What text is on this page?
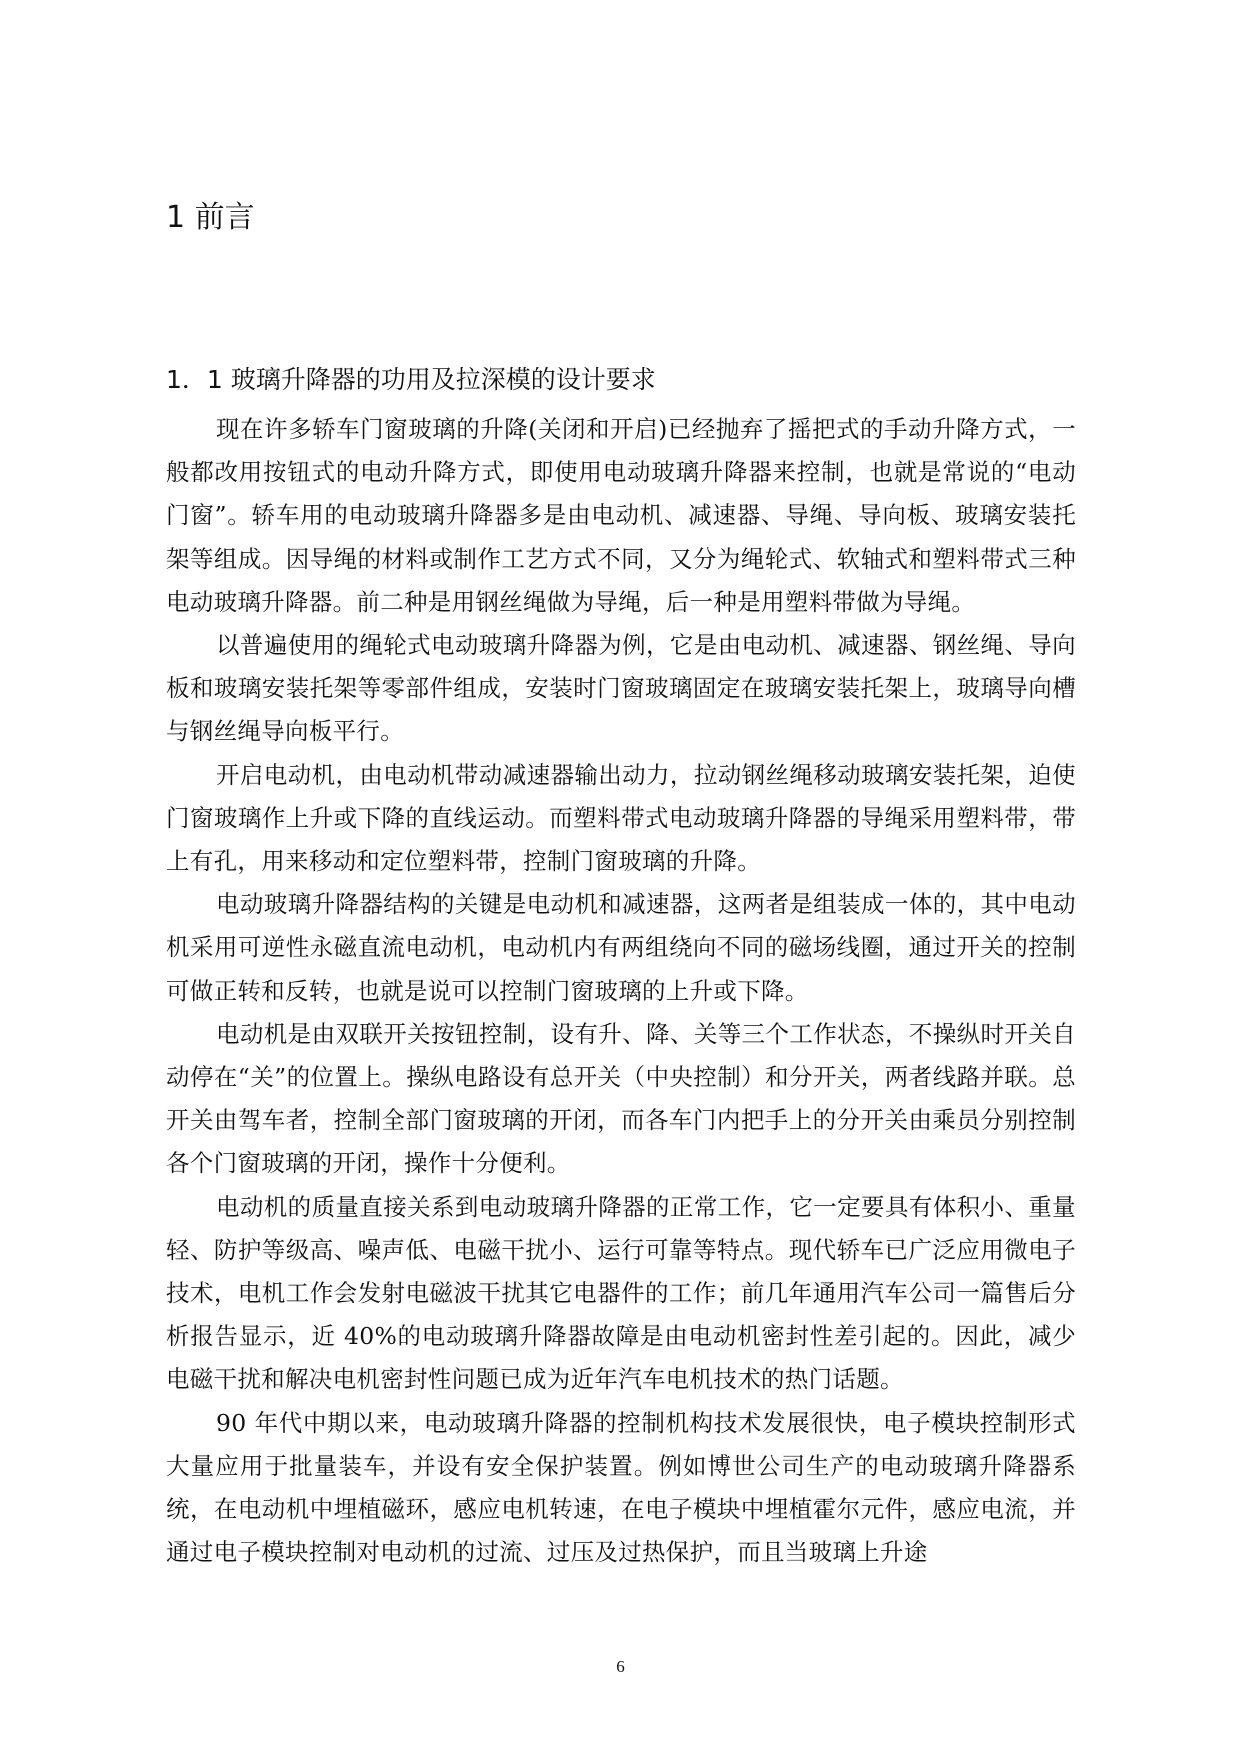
1 前言
1．1 玻璃升降器的功用及拉深模的设计要求

现在许多轿车门窗玻璃的升降(关闭和开启)已经抛弃了摇把式的手动升降方式，一般都改用按钮式的电动升降方式，即使用电动玻璃升降器来控制，也就是常说的“电动门窗”。轿车用的电动玻璃升降器多是由电动机、减速器、导绳、导向板、玻璃安装托架等组成。因导绳的材料或制作工艺方式不同，又分为绳轮式、软轴式和塑料带式三种电动玻璃升降器。前二种是用钢丝绳做为导绳，后一种是用塑料带做为导绳。

以普遍使用的绳轮式电动玻璃升降器为例，它是由电动机、减速器、钢丝绳、导向板和玻璃安装托架等零部件组成，安装时门窗玻璃固定在玻璃安装托架上，玻璃导向槽与钢丝绳导向板平行。

开启电动机，由电动机带动减速器输出动力，拉动钢丝绳移动玻璃安装托架，迫使门窗玻璃作上升或下降的直线运动。而塑料带式电动玻璃升降器的导绳采用塑料带，带上有孔，用来移动和定位塑料带，控制门窗玻璃的升降。

电动玻璃升降器结构的关键是电动机和减速器，这两者是组装成一体的，其中电动机采用可逆性永磁直流电动机，电动机内有两组绕向不同的磁场线圈，通过开关的控制可做正转和反转，也就是说可以控制门窗玻璃的上升或下降。

电动机是由双联开关按钮控制，设有升、降、关等三个工作状态，不操纵时开关自动停在“关”的位置上。操纵电路设有总开关（中央控制）和分开关，两者线路并联。总开关由驾车者，控制全部门窗玻璃的开闭，而各车门内把手上的分开关由乘员分别控制各个门窗玻璃的开闭，操作十分便利。

电动机的质量直接关系到电动玻璃升降器的正常工作，它一定要具有体积小、重量轻、防护等级高、噪声低、电磁干扰小、运行可靠等特点。现代轿车已广泛应用微电子技术，电机工作会发射电磁波干扰其它电器件的工作；前几年通用汽车公司一篇售后分析报告显示，近 40%的电动玻璃升降器故障是由电动机密封性差引起的。因此，减少电磁干扰和解决电机密封性问题已成为近年汽车电机技术的热门话题。

90 年代中期以来，电动玻璃升降器的控制机构技术发展很快，电子模块控制形式大量应用于批量装车，并设有安全保护装置。例如博世公司生产的电动玻璃升降器系统，在电动机中埋植磁环，感应电机转速，在电子模块中埋植霍尔元件，感应电流，并通过电子模块控制对电动机的过流、过压及过热保护，而且当玻璃上升途

6
